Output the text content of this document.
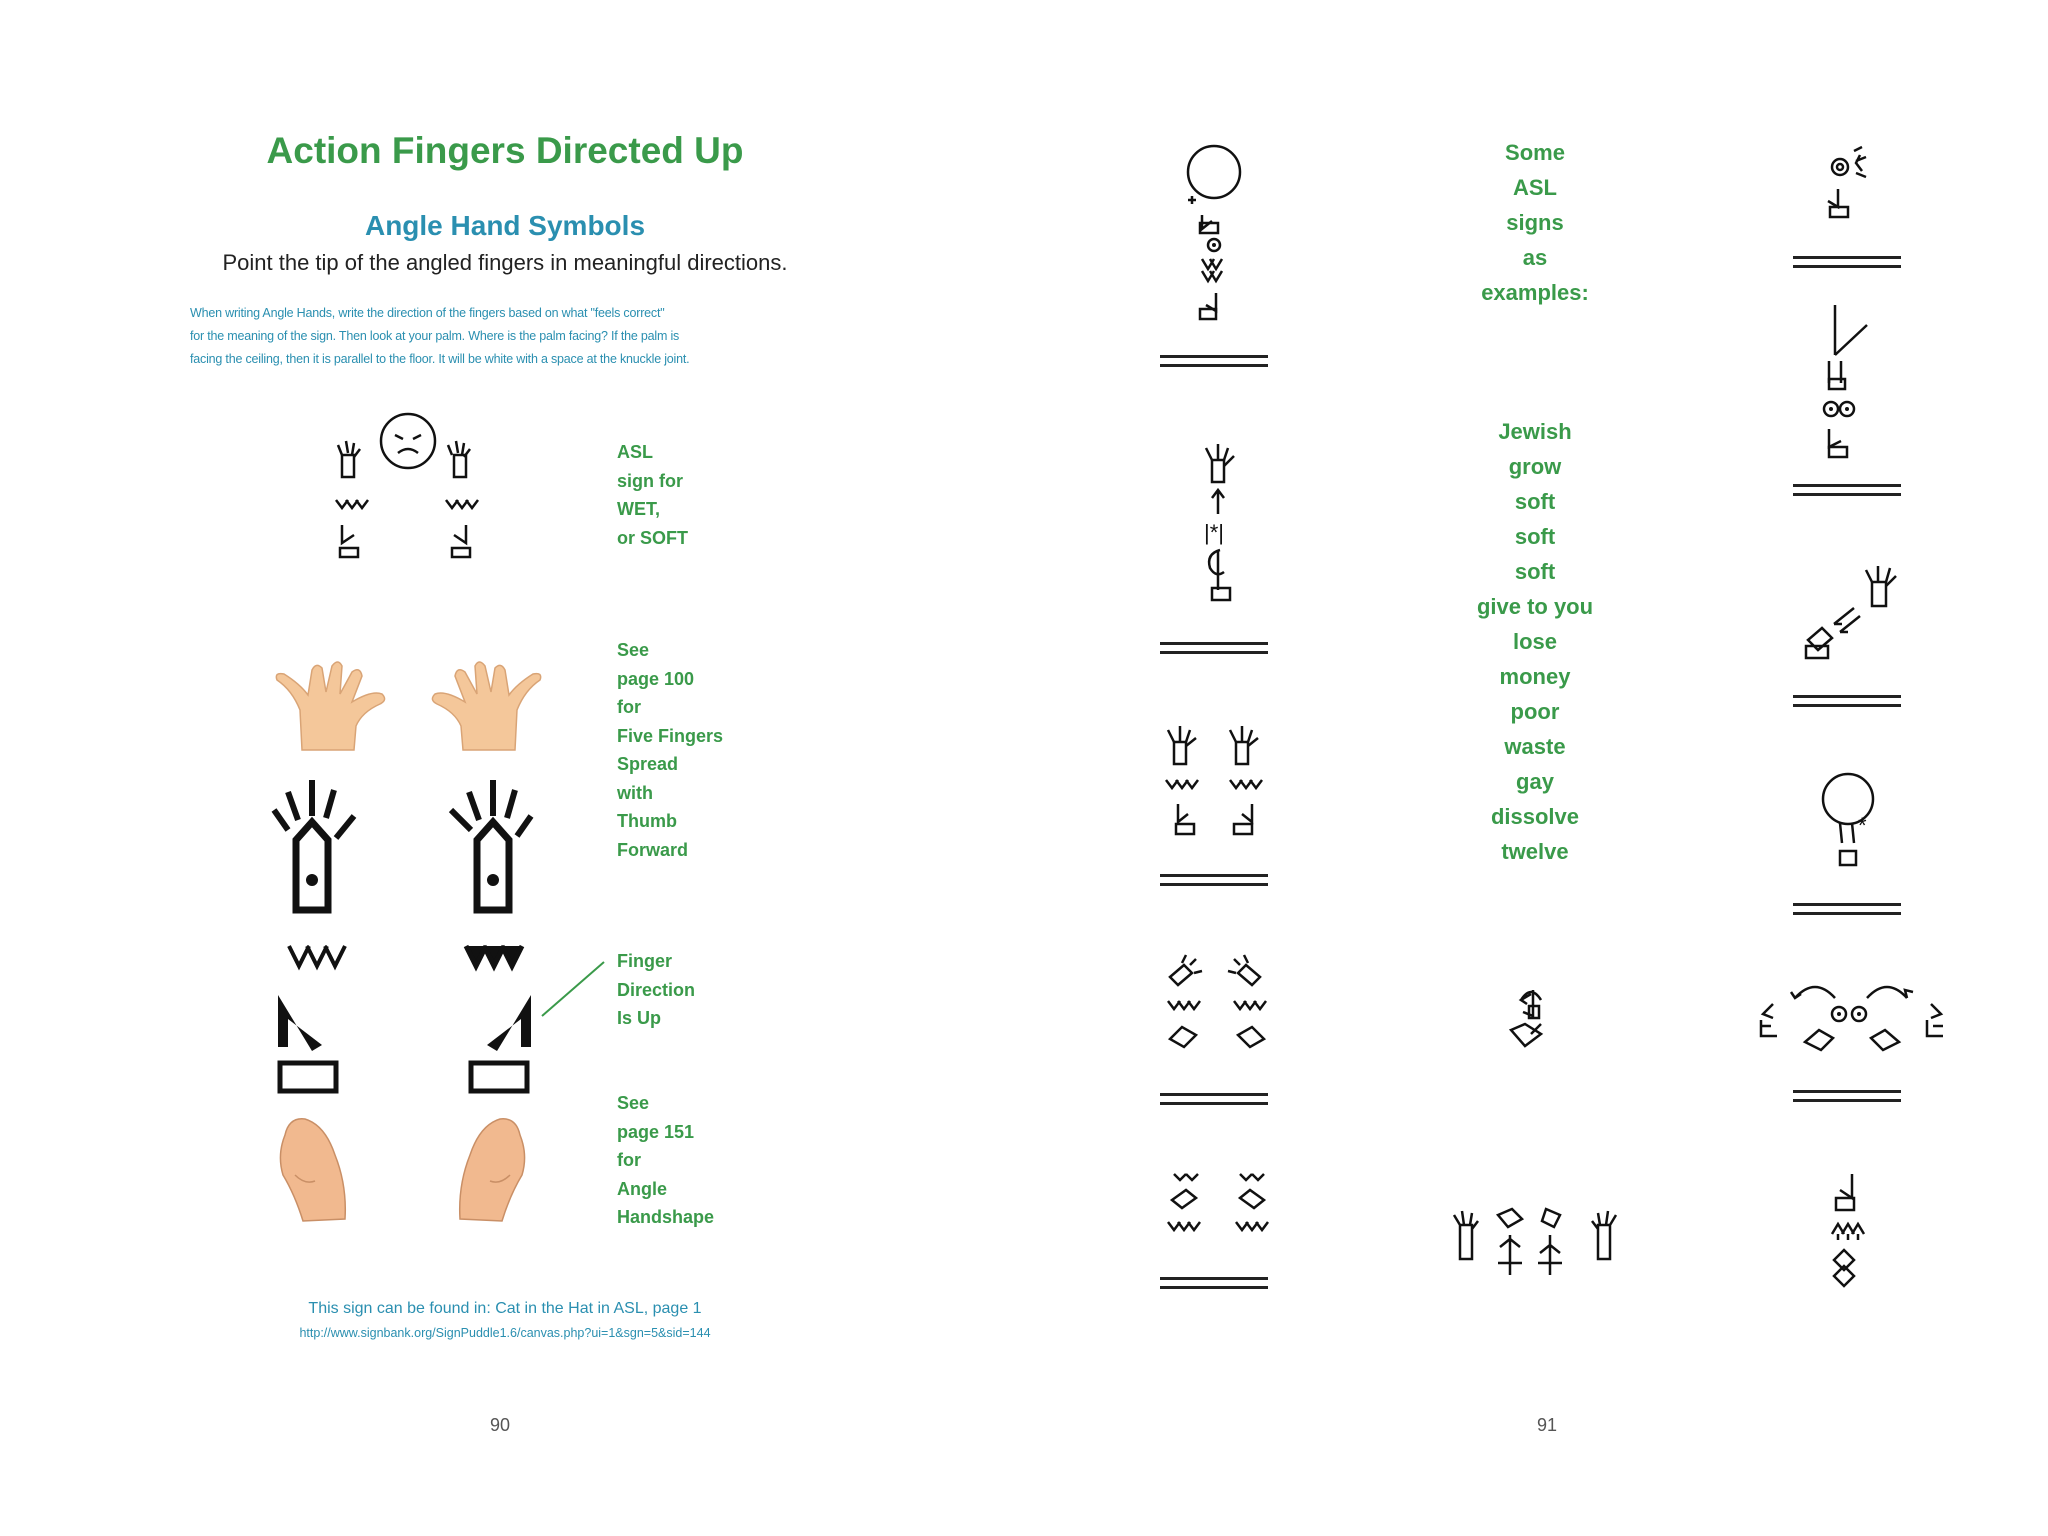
Action Fingers Directed Up
Angle Hand Symbols
Point the tip of the angled fingers in meaningful directions.
When writing Angle Hands, write the direction of the fingers based on what "feels correct"
for the meaning of the sign. Then look at your palm. Where is the palm facing? If the palm is
facing the ceiling, then it is parallel to the floor. It will be white with a space at the knuckle joint.
ASL
sign for
WET,
or SOFT
See
page 100
for
Five Fingers
Spread
with
Thumb
Forward
Finger
Direction
Is Up
See
page 151
for
Angle
Handshape
This sign can be found in: Cat in the Hat in ASL, page 1
http://www.signbank.org/SignPuddle1.6/canvas.php?ui=1&sgn=5&sid=144
90
|*|
Some
ASL
signs
as
examples:
Jewish
grow
soft
soft
soft
give to you
lose
money
poor
waste
gay
dissolve
twelve
*
91
